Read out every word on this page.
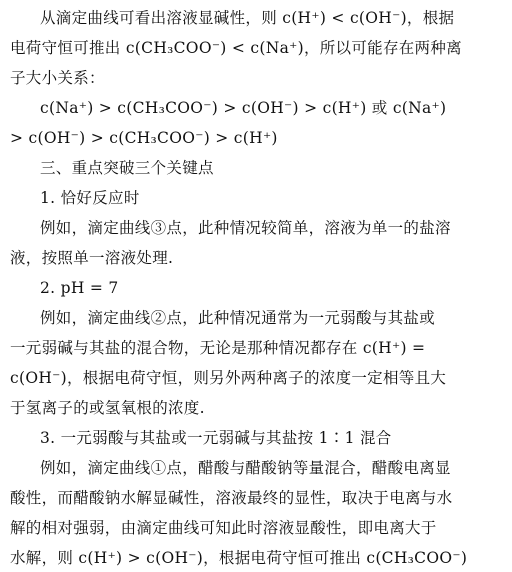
从滴定曲线可看出溶液显碱性，则 c(H⁺) < c(OH⁻)，根据
电荷守恒可推出 c(CH₃COO⁻) < c(Na⁺)，所以可能存在两种离
子大小关系：
c(Na⁺) > c(CH₃COO⁻) > c(OH⁻) > c(H⁺) 或 c(Na⁺)
> c(OH⁻) > c(CH₃COO⁻) > c(H⁺)
三、重点突破三个关键点
1. 恰好反应时
例如，滴定曲线③点，此种情况较简单，溶液为单一的盐溶
液，按照单一溶液处理.
2. pH = 7
例如，滴定曲线②点，此种情况通常为一元弱酸与其盐或
一元弱碱与其盐的混合物，无论是那种情况都存在 c(H⁺) =
c(OH⁻)，根据电荷守恒，则另外两种离子的浓度一定相等且大
于氢离子的或氢氧根的浓度.
3. 一元弱酸与其盐或一元弱碱与其盐按 1∶1 混合
例如，滴定曲线①点，醋酸与醋酸钠等量混合，醋酸电离显
酸性，而醋酸钠水解显碱性，溶液最终的显性，取决于电离与水
解的相对强弱，由滴定曲线可知此时溶液显酸性，即电离大于
水解，则 c(H⁺) > c(OH⁻)，根据电荷守恒可推出 c(CH₃COO⁻)
